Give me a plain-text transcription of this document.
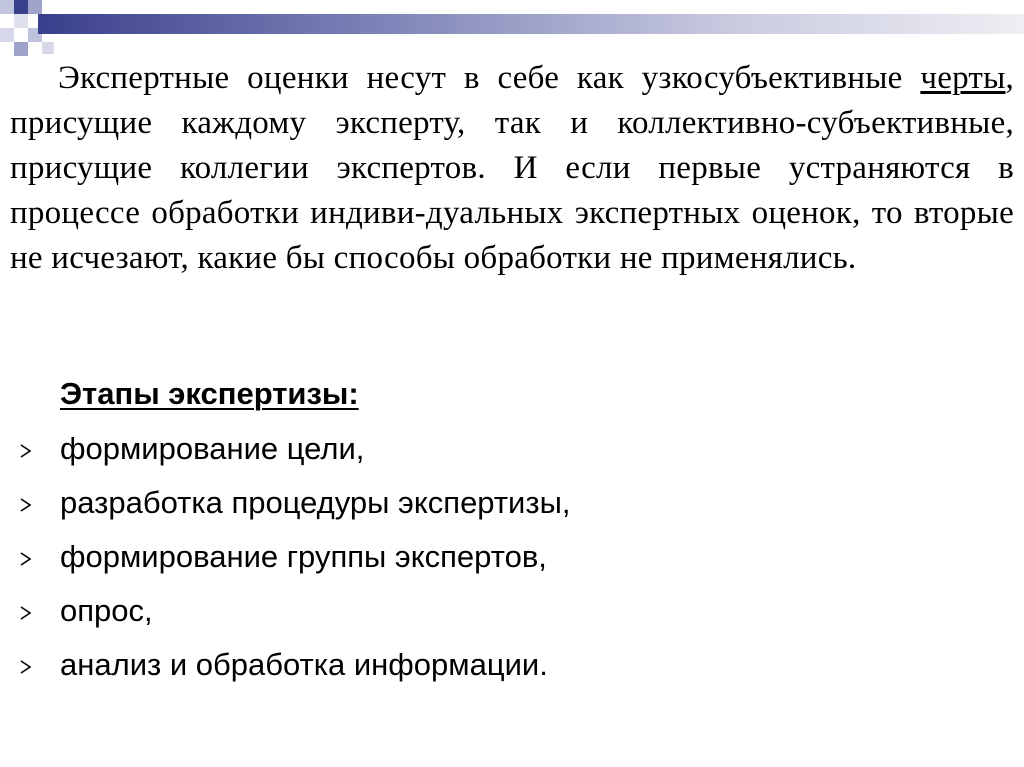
Экспертные оценки несут в себе как узкосубъективные черты, присущие каждому эксперту, так и коллективно-субъективные, присущие коллегии экспертов. И если первые устраняются в процессе обработки индиви-дуальных экспертных оценок, то вторые не исчезают, какие бы способы обработки не применялись.

Этапы экспертизы:
формирование цели,
разработка процедуры экспертизы,
формирование группы экспертов,
опрос,
анализ и обработка информации.
